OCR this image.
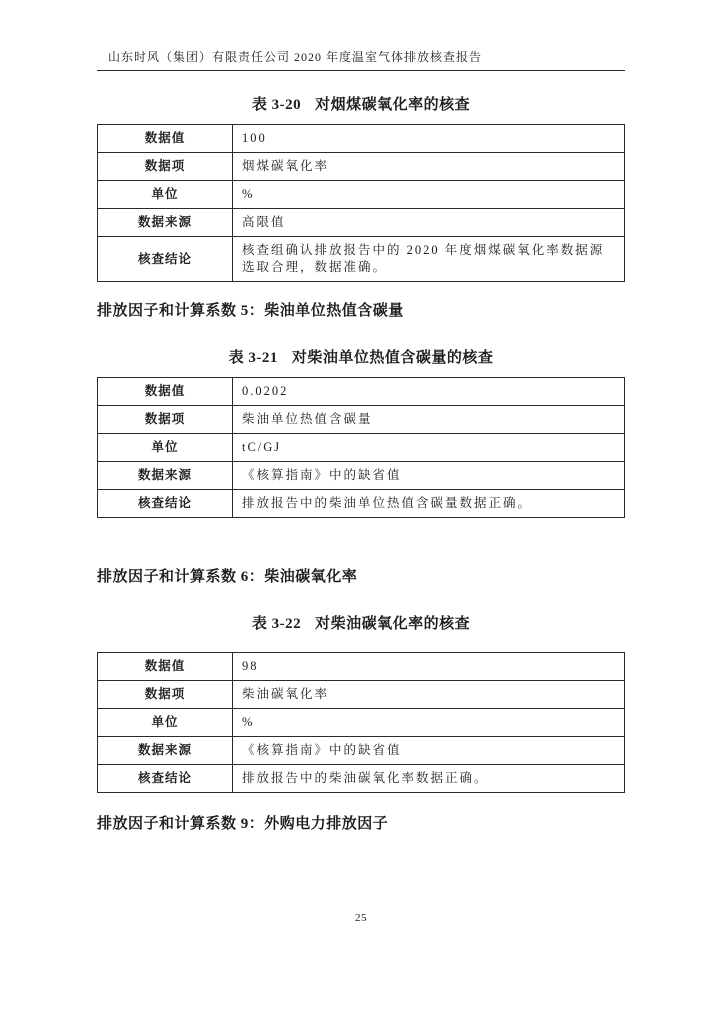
山东时风（集团）有限责任公司 2020 年度温室气体排放核查报告
表 3-20 对烟煤碳氧化率的核查
数据值	100
数据项	烟煤碳氧化率
单位	%
数据来源	高限值
核查结论	核查组确认排放报告中的 2020 年度烟煤碳氧化率数据源选取合理，数据准确。
排放因子和计算系数 5：柴油单位热值含碳量
表 3-21 对柴油单位热值含碳量的核查
数据值	0.0202
数据项	柴油单位热值含碳量
单位	tC/GJ
数据来源	《核算指南》中的缺省值
核查结论	排放报告中的柴油单位热值含碳量数据正确。
排放因子和计算系数 6：柴油碳氧化率
表 3-22 对柴油碳氧化率的核查
数据值	98
数据项	柴油碳氧化率
单位	%
数据来源	《核算指南》中的缺省值
核查结论	排放报告中的柴油碳氧化率数据正确。
排放因子和计算系数 9：外购电力排放因子
25
